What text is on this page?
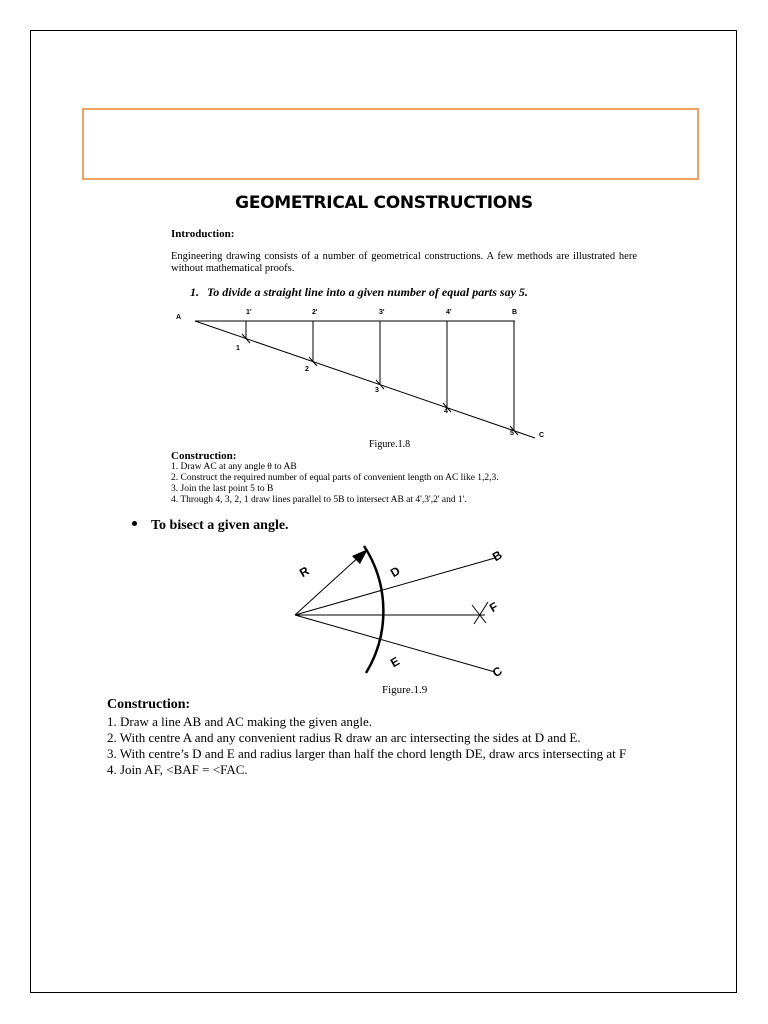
GEOMETRICAL CONSTRUCTIONS
Introduction:
Engineering drawing consists of a number of geometrical constructions. A few methods are illustrated here without mathematical proofs.
1. To divide a straight line into a given number of equal parts say 5.
A
1'	2'	3'	4'	B
1
2
3
4
5	C
Figure.1.8
Construction:
1. Draw AC at any angle θ to AB
2. Construct the required number of equal parts of convenient length on AC like 1,2,3.
3. Join the last point 5 to B
4. Through 4, 3, 2, 1 draw lines parallel to 5B to intersect AB at 4',3',2' and 1'.
To bisect a given angle.
R	D
B
F
E
C
Figure.1.9
Construction:
1. Draw a line AB and AC making the given angle.
2. With centre A and any convenient radius R draw an arc intersecting the sides at D and E.
3. With centre’s D and E and radius larger than half the chord length DE, draw arcs intersecting at F
4. Join AF, <BAF = <FAC.
